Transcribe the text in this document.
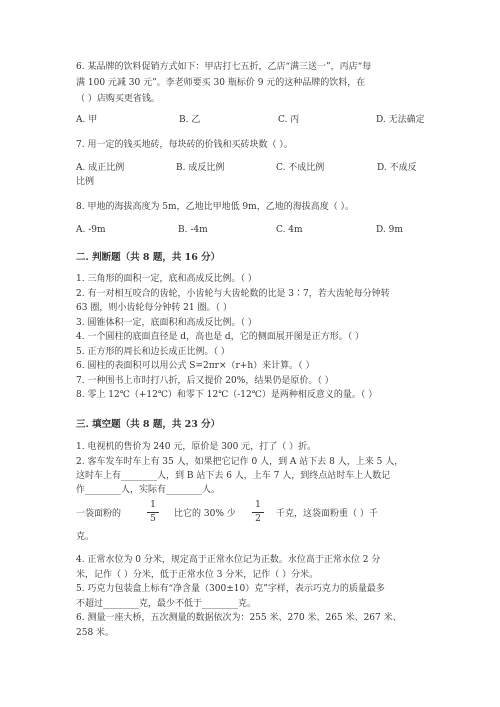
6. 某品牌的饮料促销方式如下：甲店打七五折，乙店“满三送一”，丙店“每
满 100 元减 30 元”。李老师要买 30 瓶标价 9 元的这种品牌的饮料，在
（ ）店购买更省钱。
A. 甲	B. 乙	C. 丙	D. 无法确定
7. 用一定的钱买地砖，每块砖的价钱和买砖块数（ ）。
A. 成正比例	B. 成反比例	C. 不成比例	D. 不成反
比例
8. 甲地的海拔高度为 5m，乙地比甲地低 9m，乙地的海拔高度（ ）。
A. -9m	B. -4m	C. 4m	D. 9m
二. 判断题（共 8 题，共 16 分）
1. 三角形的面积一定，底和高成反比例。（ ）
2. 有一对相互咬合的齿轮，小齿轮与大齿轮数的比是 3∶7，若大齿轮每分钟转
63 圈，则小齿轮每分钟转 21 圈。（ ）
3. 圆锥体积一定，底面积和高成反比例。（ ）
4. 一个圆柱的底面直径是 d，高也是 d，它的侧面展开图是正方形。（ ）
5. 正方形的周长和边长成正比例。（ ）
6. 圆柱的表面积可以用公式 S=2πr×（r+h）来计算。（ ）
7. 一种围书上市时打八折，后又提价 20%，结果仍是原价。（ ）
8. 零上 12℃（+12℃）和零下 12℃（-12℃）是两种相反意义的量。（ ）
三. 填空题（共 8 题，共 23 分）
1. 电视机的售价为 240 元，原价是 300 元，打了（ ）折。
2. 客车发车时车上有 35 人，如果把它记作 0 人，到 A 站下去 8 人，上来 5 人，
这时车上有________人，到 B 站下去 6 人，上车 7 人，到终点站时车上人数记
作________人，实际有________人。
一袋面粉的
1
5	比它的 30% 少
1
2	千克，这袋面粉重（ ）千
克。
4. 正常水位为 0 分米，规定高于正常水位记为正数。水位高于正常水位 2 分
米，记作（ ）分米，低于正常水位 3 分米，记作（ ）分米。
5. 巧克力包装盒上标有“净含量（300±10）克”字样，表示巧克力的质量最多
不超过________克，最少不低于________克。
6. 测量一座大桥，五次测量的数据依次为：255 米、270 米、265 米、267 米、
258 米。
